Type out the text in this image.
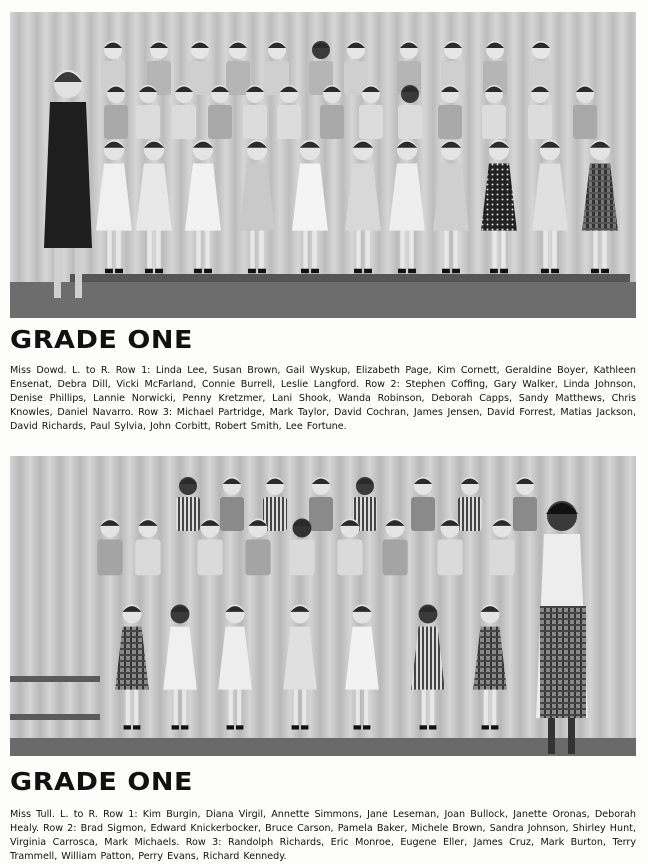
GRADE ONE
Miss Dowd. L. to R. Row 1: Linda Lee, Susan Brown, Gail Wyskup, Elizabeth Page, Kim Cornett, Geraldine Boyer, Kathleen Ensenat, Debra Dill, Vicki McFarland, Connie Burrell, Leslie Langford. Row 2: Stephen Coffing, Gary Walker, Linda Johnson, Denise Phillips, Lannie Norwicki, Penny Kretzmer, Lani Shook, Wanda Robinson, Deborah Capps, Sandy Matthews, Chris Knowles, Daniel Navarro. Row 3: Michael Partridge, Mark Taylor, David Cochran, James Jensen, David Forrest, Matias Jackson, David Richards, Paul Sylvia, John Corbitt, Robert Smith, Lee Fortune.
GRADE ONE
Miss Tull. L. to R. Row 1: Kim Burgin, Diana Virgil, Annette Simmons, Jane Leseman, Joan Bullock, Janette Oronas, Deborah Healy. Row 2: Brad Sigmon, Edward Knickerbocker, Bruce Carson, Pamela Baker, Michele Brown, Sandra Johnson, Shirley Hunt, Virginia Carrosca, Mark Michaels. Row 3: Randolph Richards, Eric Monroe, Eugene Eller, James Cruz, Mark Burton, Terry Trammell, William Patton, Perry Evans, Richard Kennedy.
